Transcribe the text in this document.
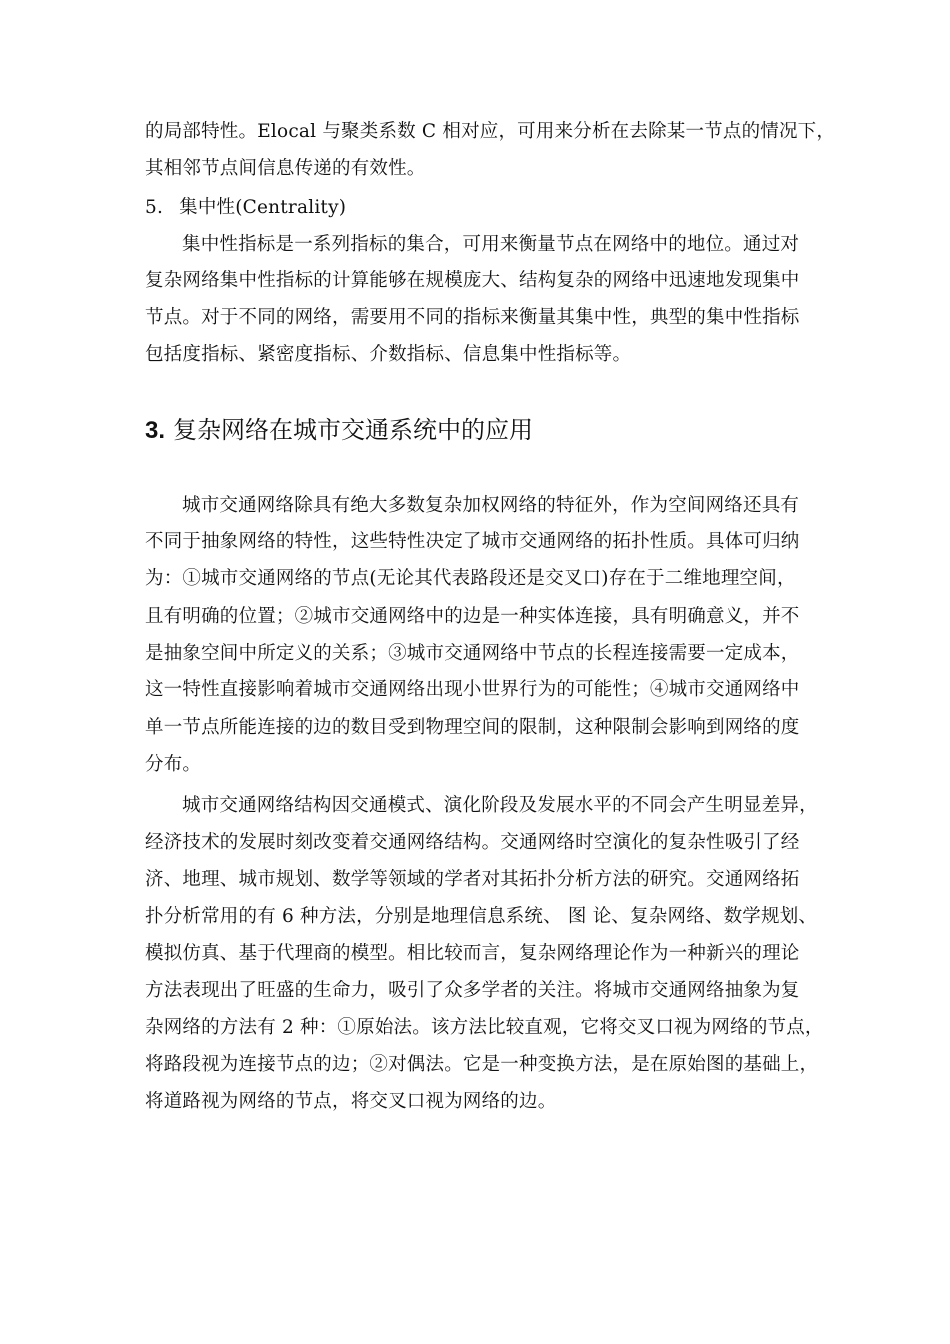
的局部特性。Elocal 与聚类系数 C 相对应，可用来分析在去除某一节点的情况下，
其相邻节点间信息传递的有效性。
5. 集中性(Centrality)
集中性指标是一系列指标的集合，可用来衡量节点在网络中的地位。通过对
复杂网络集中性指标的计算能够在规模庞大、结构复杂的网络中迅速地发现集中
节点。对于不同的网络，需要用不同的指标来衡量其集中性，典型的集中性指标
包括度指标、紧密度指标、介数指标、信息集中性指标等。
3. 复杂网络在城市交通系统中的应用
城市交通网络除具有绝大多数复杂加权网络的特征外，作为空间网络还具有
不同于抽象网络的特性，这些特性决定了城市交通网络的拓扑性质。具体可归纳
为：①城市交通网络的节点(无论其代表路段还是交叉口)存在于二维地理空间，
且有明确的位置；②城市交通网络中的边是一种实体连接，具有明确意义，并不
是抽象空间中所定义的关系；③城市交通网络中节点的长程连接需要一定成本，
这一特性直接影响着城市交通网络出现小世界行为的可能性；④城市交通网络中
单一节点所能连接的边的数目受到物理空间的限制，这种限制会影响到网络的度
分布。
城市交通网络结构因交通模式、演化阶段及发展水平的不同会产生明显差异，
经济技术的发展时刻改变着交通网络结构。交通网络时空演化的复杂性吸引了经
济、地理、城市规划、数学等领域的学者对其拓扑分析方法的研究。交通网络拓
扑分析常用的有 6 种方法，分别是地理信息系统、 图 论、复杂网络、数学规划、
模拟仿真、基于代理商的模型。相比较而言，复杂网络理论作为一种新兴的理论
方法表现出了旺盛的生命力，吸引了众多学者的关注。将城市交通网络抽象为复
杂网络的方法有 2 种：①原始法。该方法比较直观，它将交叉口视为网络的节点，
将路段视为连接节点的边；②对偶法。它是一种变换方法，是在原始图的基础上，
将道路视为网络的节点，将交叉口视为网络的边。
